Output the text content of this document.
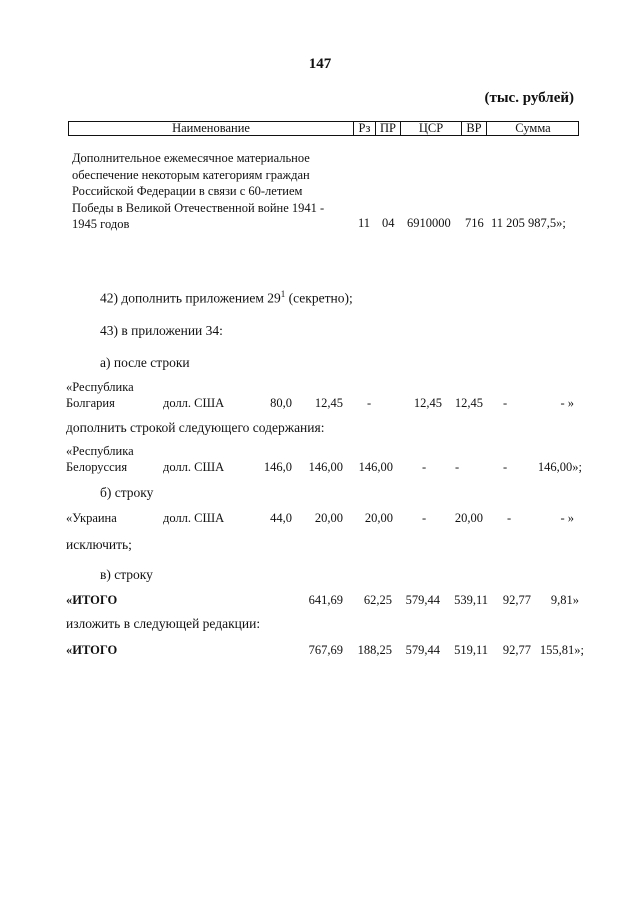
147
(тыс. рублей)
Наименование	Рз ПР	ЦСР	ВР	Сумма
Дополнительное ежемесячное материальное
обеспечение некоторым категориям граждан
Российской Федерации в связи с 60-летием
Победы в Великой Отечественной войне 1941 -
1945 годов	11 04 6910000 716 11 205 987,5»;
42) дополнить приложением $29^1$ (секретно);
43) в приложении 34:
а) после строки
«Республика
Болгария	долл. США	80,0 12,45 -	12,45 12,45 -	- »
дополнить строкой следующего содержания:
«Республика
Белоруссия	долл. США	146,0 146,00 146,00 - -	- 146,00»;
б) строку
«Украина	долл. США	44,0 20,00 20,00 - 20,00 -	- »
исключить;
в) строку
«ИТОГО	641,69 62,25 579,44 539,11 92,77 9,81»
изложить в следующей редакции:
«ИТОГО	767,69 188,25 579,44 519,11 92,77 155,81»;
